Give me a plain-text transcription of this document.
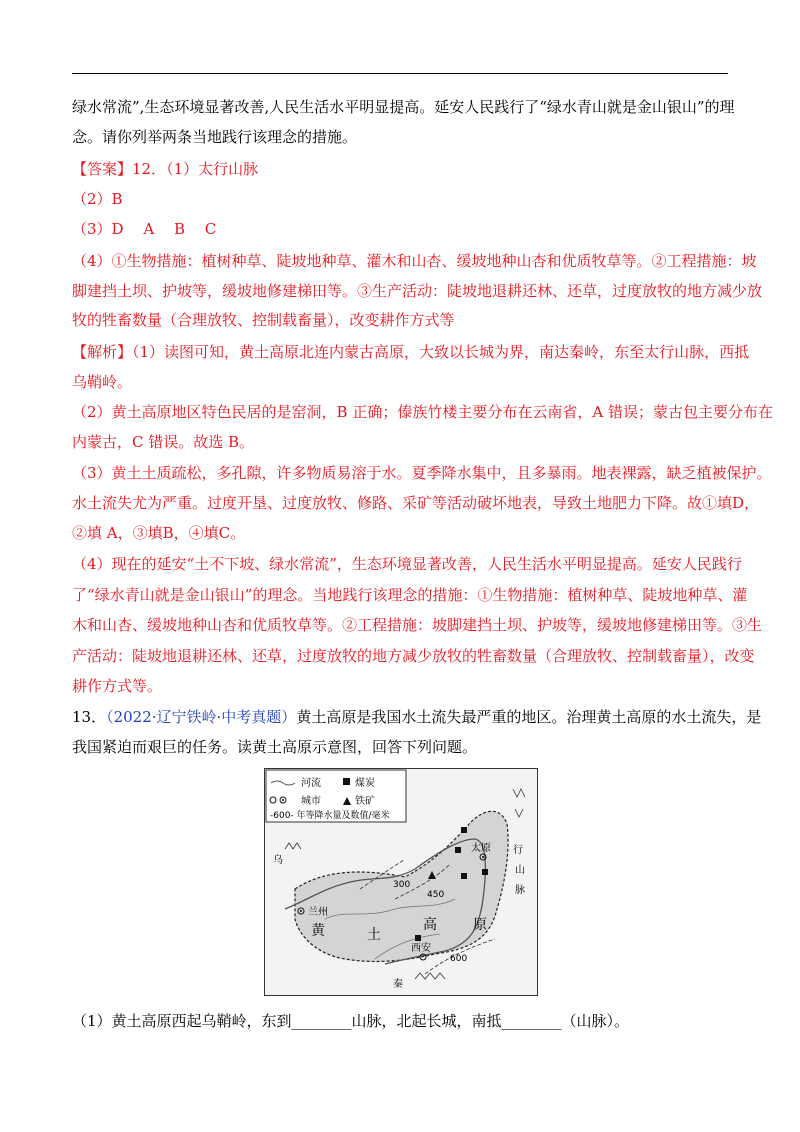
绿水常流”,生态环境显著改善,人民生活水平明显提高。延安人民践行了“绿水青山就是金山银山”的理
念。请你列举两条当地践行该理念的措施。
【答案】12．（1）太行山脉
（2）B
（3）D　 A　 B　 C
（4）①生物措施：植树种草、陡坡地种草、灌木和山杏、缓坡地种山杏和优质牧草等。②工程措施：坡
脚建挡土坝、护坡等，缓坡地修建梯田等。③生产活动：陡坡地退耕还林、还草，过度放牧的地方减少放
牧的牲畜数量（合理放牧、控制载畜量），改变耕作方式等
【解析】（1）读图可知，黄土高原北连内蒙古高原，大致以长城为界，南达秦岭，东至太行山脉，西抵
乌鞘岭。
（2）黄土高原地区特色民居的是窑洞，B 正确；傣族竹楼主要分布在云南省，A 错误；蒙古包主要分布在
内蒙古，C 错误。故选 B。
（3）黄土土质疏松，多孔隙，许多物质易溶于水。夏季降水集中，且多暴雨。地表裸露，缺乏植被保护。
水土流失尤为严重。过度开垦、过度放牧、修路、采矿等活动破坏地表，导致土地肥力下降。故①填D，
②填 A，③填B，④填C。
（4）现在的延安“土不下坡、绿水常流”，生态环境显著改善，人民生活水平明显提高。延安人民践行
了“绿水青山就是金山银山”的理念。当地践行该理念的措施：①生物措施：植树种草、陡坡地种草、灌
木和山杏、缓坡地种山杏和优质牧草等。②工程措施：坡脚建挡土坝、护坡等，缓坡地修建梯田等。③生
产活动：陡坡地退耕还林、还草，过度放牧的地方减少放牧的牲畜数量（合理放牧、控制载畜量），改变
耕作方式等。
13．（2022·辽宁铁岭·中考真题）黄土高原是我国水土流失最严重的地区。治理黄土高原的水土流失，是
我国紧迫而艰巨的任务。读黄土高原示意图，回答下列问题。
河流	煤炭
城市	铁矿
-600- 年等降水量及数值/毫米
300
450
600
兰州
太原
西安
黄	土
高	原
乌
秦
行
山
脉
（1）黄土高原西起乌鞘岭，东到________山脉，北起长城，南抵________（山脉）。
